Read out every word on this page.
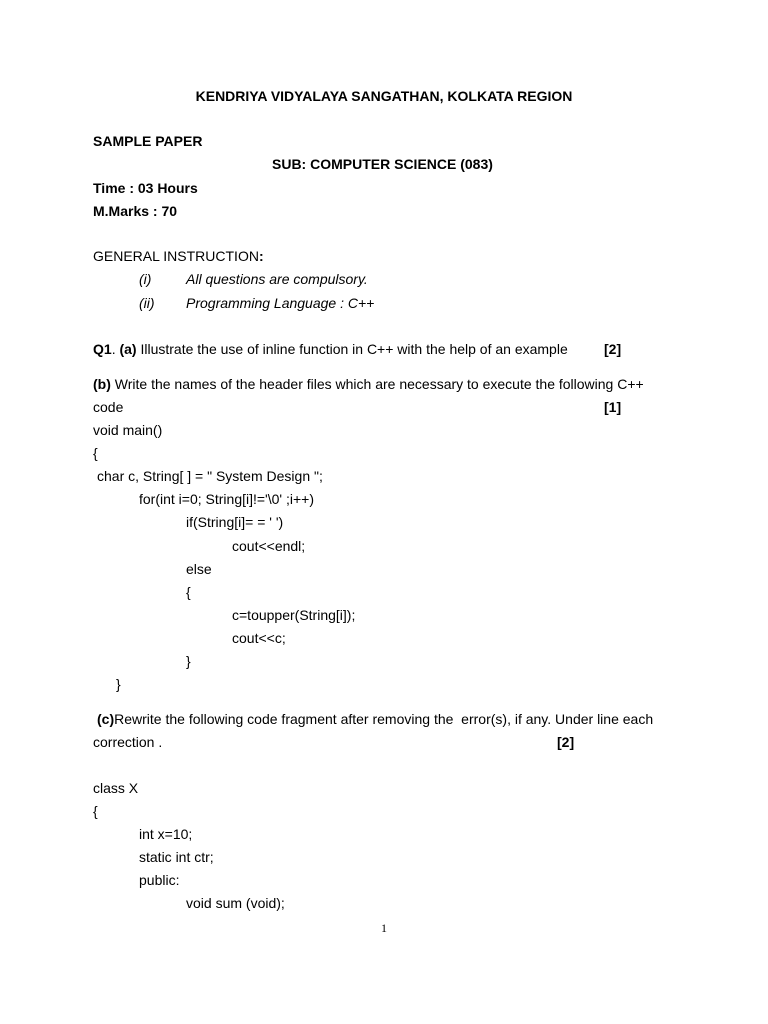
KENDRIYA VIDYALAYA SANGATHAN, KOLKATA REGION
SAMPLE PAPER
SUB: COMPUTER SCIENCE (083)
Time : 03 Hours
M.Marks : 70
GENERAL INSTRUCTION:
(i) All questions are compulsory.
(ii) Programming Language : C++
Q1. (a) Illustrate the use of inline function in C++ with the help of an example	[2]
(b) Write the names of the header files which are necessary to execute the following C++
code	[1]
void main()
{
char c, String[ ] = " System Design ";
for(int i=0; String[i]!='\0' ;i++)
if(String[i]= = ' ')
cout<<endl;
else
{
c=toupper(String[i]);
cout<<c;
}
}
(c)Rewrite the following code fragment after removing the  error(s), if any. Under line each
correction .	[2]
class X
{
int x=10;
static int ctr;
public:
void sum (void);
1
